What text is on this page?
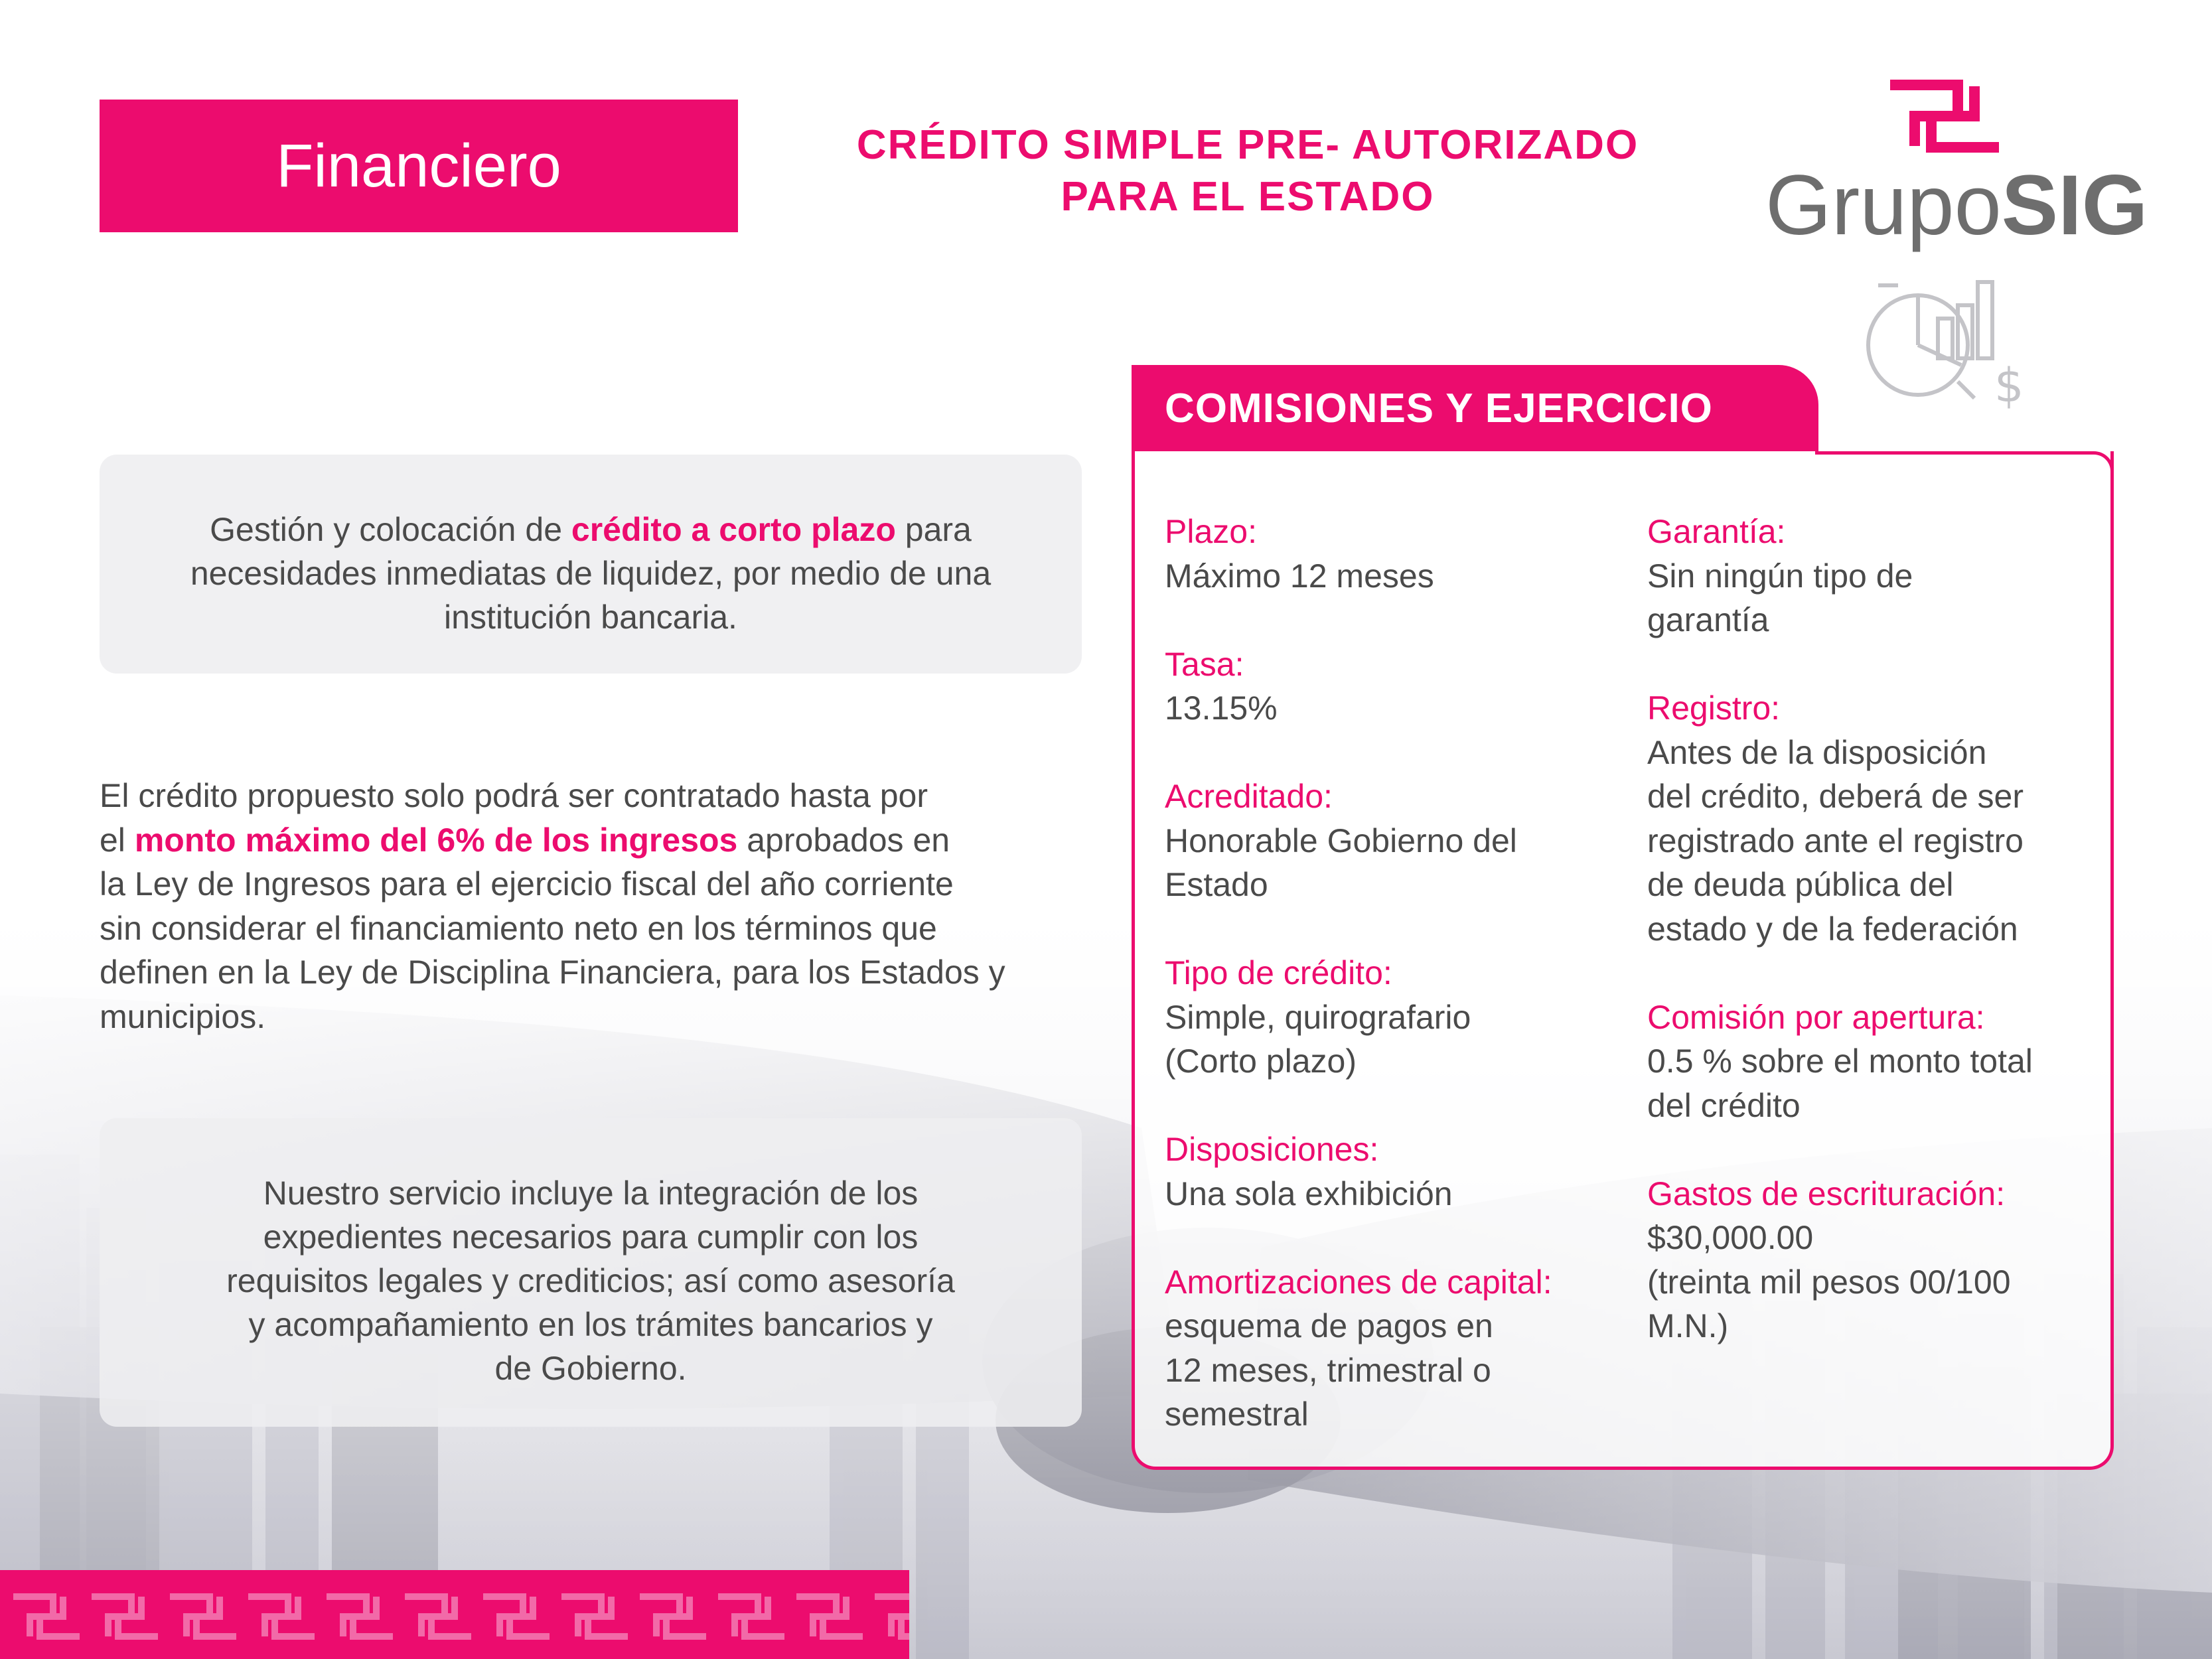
Financiero	CRÉDITO SIMPLE PRE- AUTORIZADO
PARA EL ESTADO	GrupoSIG
$
Gestión y colocación de crédito a corto plazo para necesidades inmediatas de liquidez, por medio de una institución bancaria.
El crédito propuesto solo podrá ser contratado hasta por
el monto máximo del 6% de los ingresos aprobados en
la Ley de Ingresos para el ejercicio fiscal del año corriente
sin considerar el financiamiento neto en los términos que
definen en la Ley de Disciplina Financiera, para los Estados y
municipios.
Nuestro servicio incluye la integración de los
expedientes necesarios para cumplir con los
requisitos legales y crediticios; así como asesoría
y acompañamiento en los trámites bancarios y
de Gobierno.
COMISIONES Y EJERCICIO
Plazo:
Máximo 12 meses
Tasa:
13.15%
Acreditado:
Honorable Gobierno del
Estado
Tipo de crédito:
Simple, quirografario
(Corto plazo)
Disposiciones:
Una sola exhibición
Amortizaciones de capital:
esquema de pagos en
12 meses, trimestral o
semestral
Garantía:
Sin ningún tipo de
garantía
Registro:
Antes de la disposición
del crédito, deberá de ser
registrado ante el registro
de deuda pública del
estado y de la federación
Comisión por apertura:
0.5 % sobre el monto total
del crédito
Gastos de escrituración:
$30,000.00
(treinta mil pesos 00/100
M.N.)
